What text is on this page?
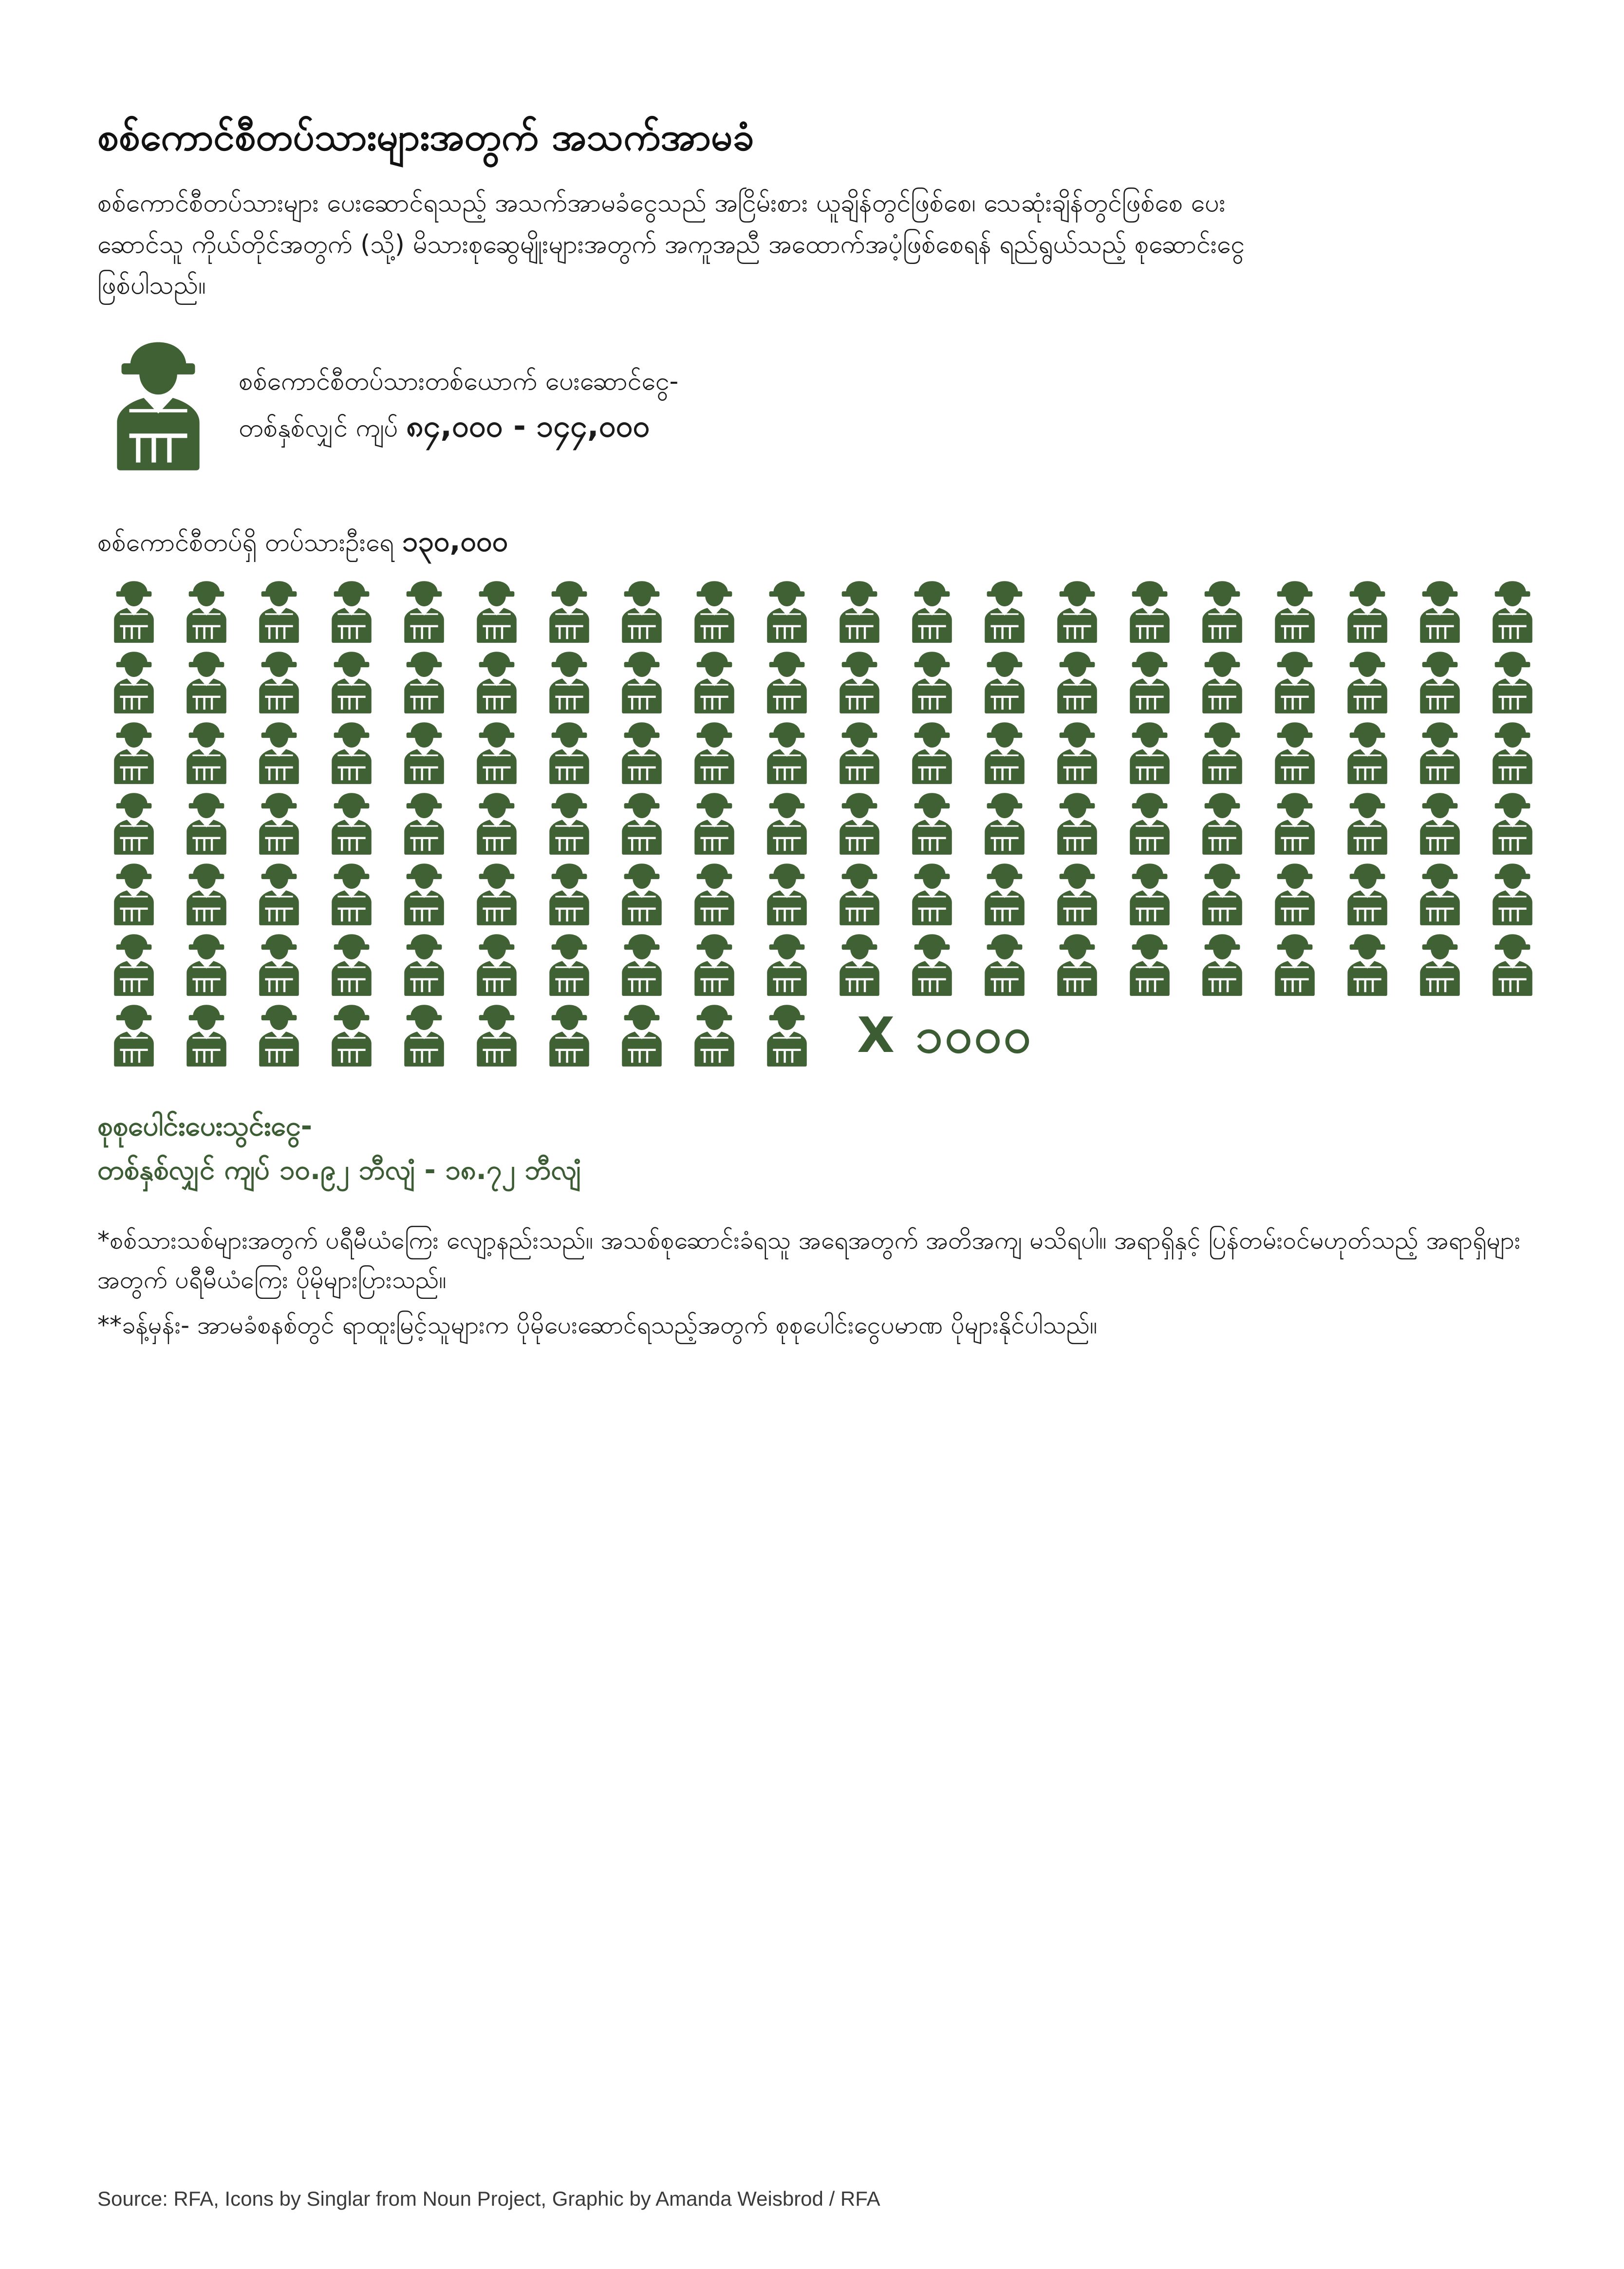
စစ်ကောင်စီတပ်သားများအတွက် အသက်အာမခံ

စစ်ကောင်စီတပ်သားများ ပေးဆောင်ရသည့် အသက်အာမခံငွေသည် အငြိမ်းစား ယူချိန်တွင်ဖြစ်စေ၊ သေဆုံးချိန်တွင်ဖြစ်စေ ပေးဆောင်သူ ကိုယ်တိုင်အတွက် (သို့) မိသားစုဆွေမျိုးများအတွက် အကူအညီ အထောက်အပံ့ဖြစ်စေရန် ရည်ရွယ်သည့် စုဆောင်းငွေ ဖြစ်ပါသည်။

စစ်ကောင်စီတပ်သားတစ်ယောက် ပေးဆောင်ငွေ-
တစ်နှစ်လျှင် ကျပ် ၈၄,၀၀၀ - ၁၄၄,၀၀၀
စစ်ကောင်စီတပ်ရှိ တပ်သားဦးရေ ၁၃၀,၀၀၀
X ၁၀၀၀
စုစုပေါင်းပေးသွင်းငွေ-
တစ်နှစ်လျှင် ကျပ် ၁၀.၉၂ ဘီလျံ - ၁၈.၇၂ ဘီလျံ

*စစ်သားသစ်များအတွက် ပရီမီယံကြေး လျော့နည်းသည်။ အသစ်စုဆောင်းခံရသူ အရေအတွက် အတိအကျ မသိရပါ။ အရာရှိနှင့် ပြန်တမ်းဝင်မဟုတ်သည့် အရာရှိများအတွက် ပရီမီယံကြေး ပိုမိုများပြားသည်။

**ခန့်မှန်း- အာမခံစနစ်တွင် ရာထူးမြင့်သူများက ပိုမိုပေးဆောင်ရသည့်အတွက် စုစုပေါင်းငွေပမာဏ ပိုများနိုင်ပါသည်။

Source: RFA, Icons by Singlar from Noun Project, Graphic by Amanda Weisbrod / RFA
